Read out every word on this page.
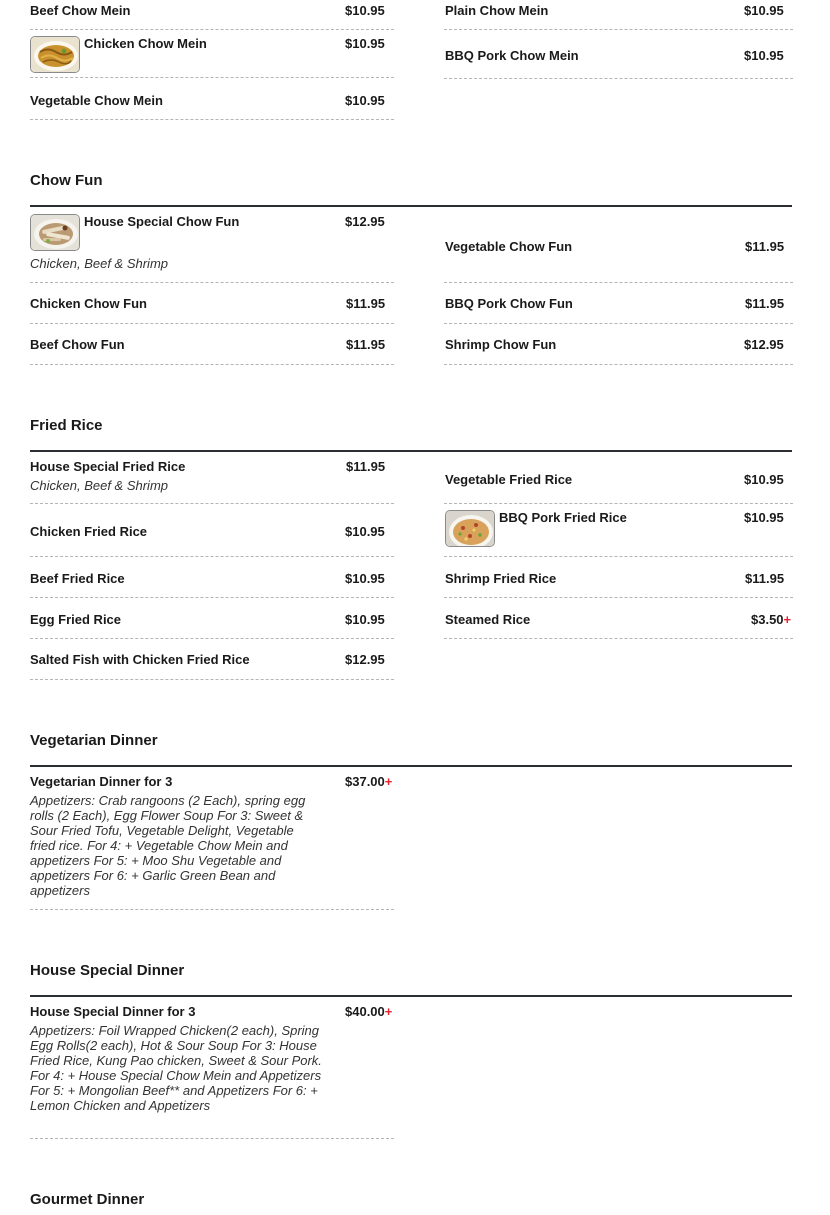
Beef Chow Mein	$10.95
Chicken Chow Mein	$10.95
Vegetable Chow Mein	$10.95
Plain Chow Mein	$10.95
BBQ Pork Chow Mein	$10.95
Chow Fun
House Special Chow Fun	$12.95
Chicken, Beef & Shrimp
Chicken Chow Fun	$11.95
Beef Chow Fun	$11.95
Vegetable Chow Fun	$11.95
BBQ Pork Chow Fun	$11.95
Shrimp Chow Fun	$12.95
Fried Rice
House Special Fried Rice	$11.95
Chicken, Beef & Shrimp
Chicken Fried Rice	$10.95
Beef Fried Rice	$10.95
Egg Fried Rice	$10.95
Salted Fish with Chicken Fried Rice	$12.95
Vegetable Fried Rice	$10.95
BBQ Pork Fried Rice	$10.95
Shrimp Fried Rice	$11.95
Steamed Rice	$3.50+
Vegetarian Dinner
Vegetarian Dinner for 3	$37.00+
Appetizers: Crab rangoons (2 Each), spring egg rolls (2 Each), Egg Flower Soup For 3: Sweet & Sour Fried Tofu, Vegetable Delight, Vegetable fried rice. For 4: + Vegetable Chow Mein and appetizers For 5: + Moo Shu Vegetable and appetizers For 6: + Garlic Green Bean and appetizers
House Special Dinner
House Special Dinner for 3	$40.00+
Appetizers: Foil Wrapped Chicken(2 each), Spring Egg Rolls(2 each), Hot & Sour Soup For 3: House Fried Rice, Kung Pao chicken, Sweet & Sour Pork. For 4: + House Special Chow Mein and Appetizers For 5: + Mongolian Beef** and Appetizers For 6: + Lemon Chicken and Appetizers
Gourmet Dinner
